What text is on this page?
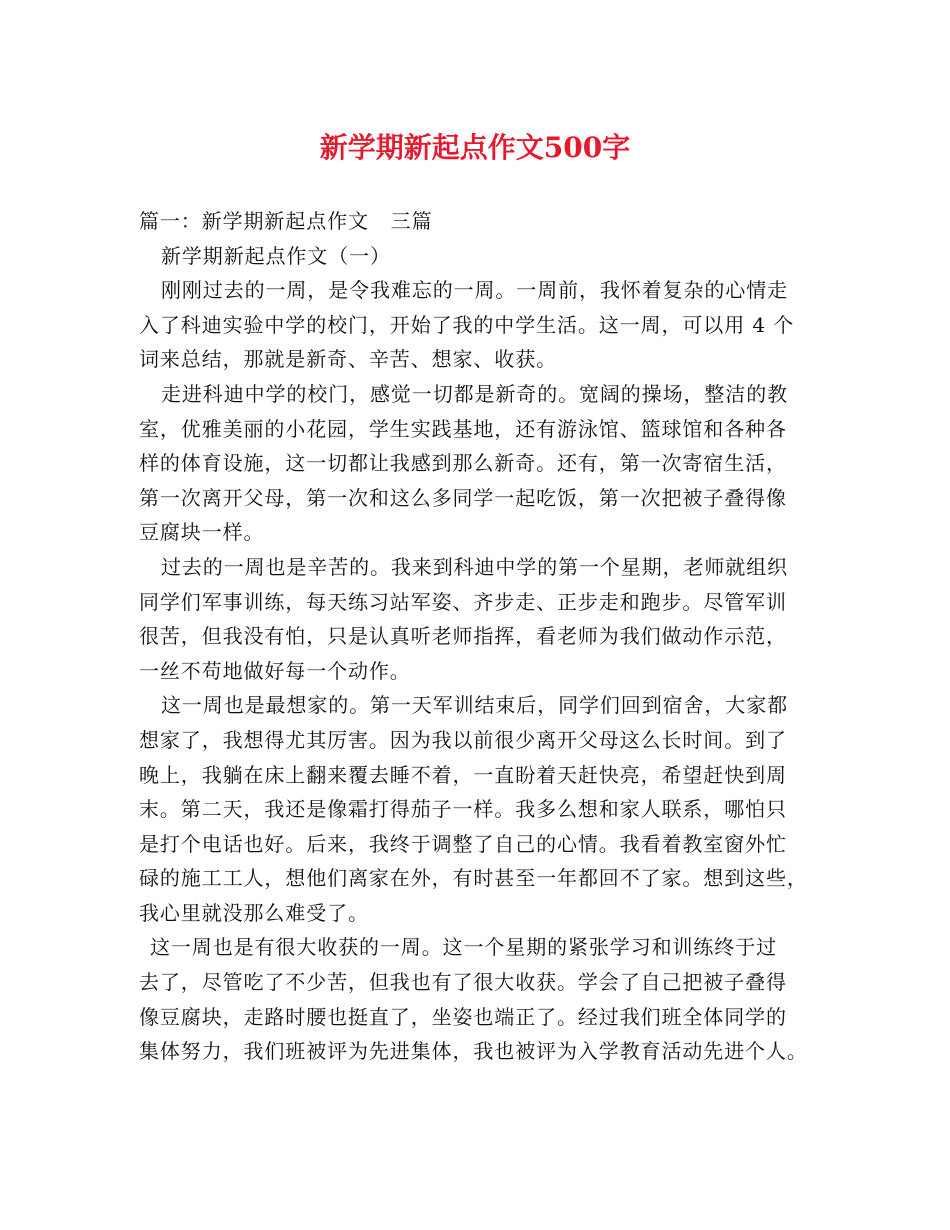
新学期新起点作文500字
篇一：新学期新起点作文   三篇
新学期新起点作文（一）
刚刚过去的一周，是令我难忘的一周。一周前，我怀着复杂的心情走
入了科迪实验中学的校门，开始了我的中学生活。这一周，可以用 4 个
词来总结，那就是新奇、辛苦、想家、收获。
走进科迪中学的校门，感觉一切都是新奇的。宽阔的操场，整洁的教
室，优雅美丽的小花园，学生实践基地，还有游泳馆、篮球馆和各种各
样的体育设施，这一切都让我感到那么新奇。还有，第一次寄宿生活，
第一次离开父母，第一次和这么多同学一起吃饭，第一次把被子叠得像
豆腐块一样。
过去的一周也是辛苦的。我来到科迪中学的第一个星期，老师就组织
同学们军事训练，每天练习站军姿、齐步走、正步走和跑步。尽管军训
很苦，但我没有怕，只是认真听老师指挥，看老师为我们做动作示范，
一丝不苟地做好每一个动作。
这一周也是最想家的。第一天军训结束后，同学们回到宿舍，大家都
想家了，我想得尤其厉害。因为我以前很少离开父母这么长时间。到了
晚上，我躺在床上翻来覆去睡不着，一直盼着天赶快亮，希望赶快到周
末。第二天，我还是像霜打得茄子一样。我多么想和家人联系，哪怕只
是打个电话也好。后来，我终于调整了自己的心情。我看着教室窗外忙
碌的施工工人，想他们离家在外，有时甚至一年都回不了家。想到这些，
我心里就没那么难受了。
这一周也是有很大收获的一周。这一个星期的紧张学习和训练终于过
去了，尽管吃了不少苦，但我也有了很大收获。学会了自己把被子叠得
像豆腐块，走路时腰也挺直了，坐姿也端正了。经过我们班全体同学的
集体努力，我们班被评为先进集体，我也被评为入学教育活动先进个人。
